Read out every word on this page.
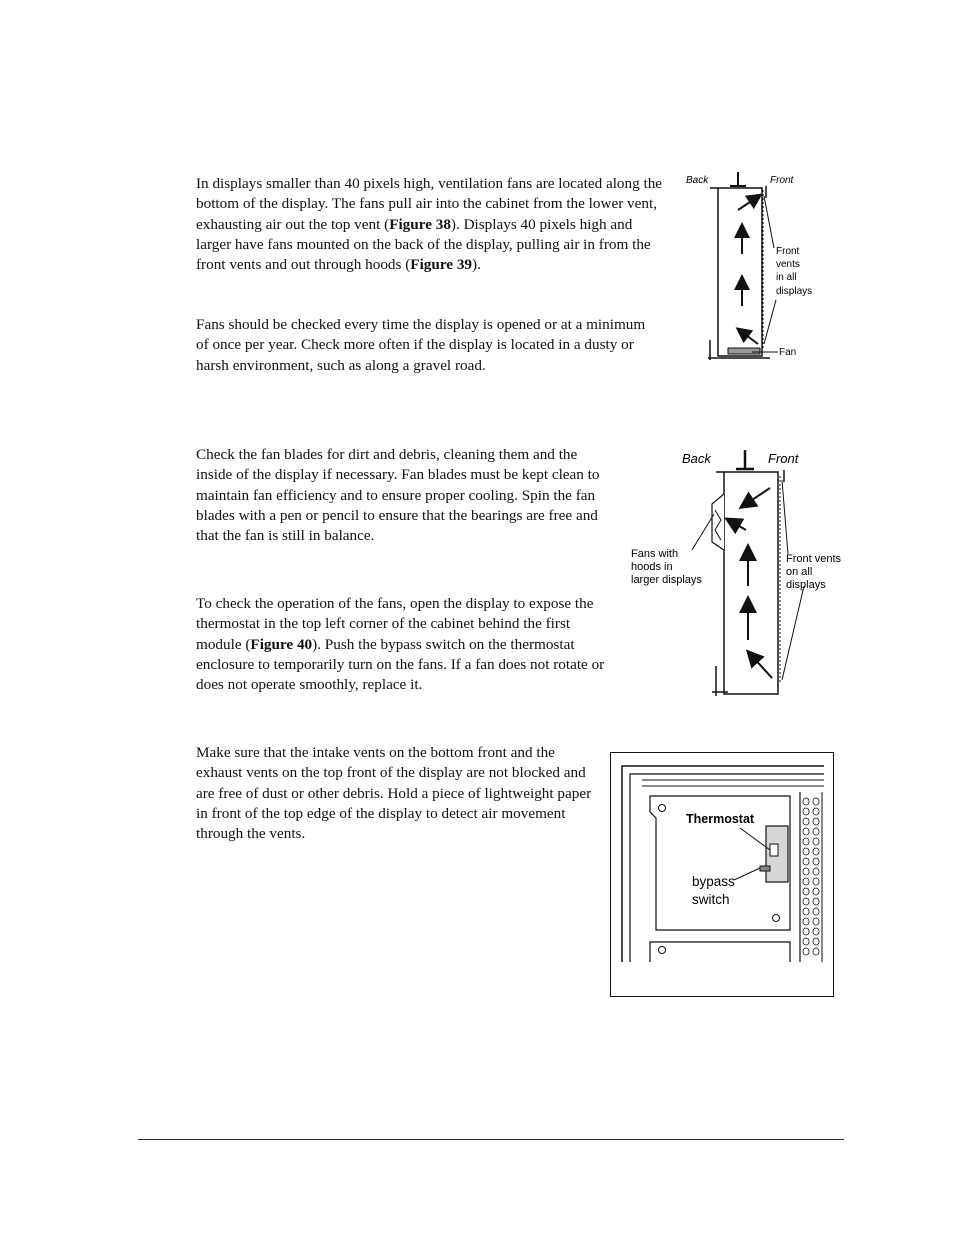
In displays smaller than 40 pixels high, ventilation fans are located along the bottom of the display. The fans pull air into the cabinet from the lower vent, exhausting air out the top vent (Figure 38). Displays 40 pixels high and larger have fans mounted on the back of the display, pulling air in from the front vents and out through hoods (Figure 39).

Fans should be checked every time the display is opened or at a minimum of once per year. Check more often if the display is located in a dusty or harsh environment, such as along a gravel road.

Check the fan blades for dirt and debris, cleaning them and the inside of the display if necessary. Fan blades must be kept clean to maintain fan efficiency and to ensure proper cooling. Spin the fan blades with a pen or pencil to ensure that the bearings are free and that the fan is still in balance.

To check the operation of the fans, open the display to expose the thermostat in the top left corner of the cabinet behind the first module (Figure 40). Push the bypass switch on the thermostat enclosure to temporarily turn on the fans. If a fan does not rotate or does not operate smoothly, replace it.

Make sure that the intake vents on the bottom front and the exhaust vents on the top front of the display are not blocked and are free of dust or other debris. Hold a piece of lightweight paper in front of the top edge of the display to detect air movement through the vents.

Back	Front
Front
vents
in all
displays
Fan
Back	Front
Fans with
hoods in
larger displays
Front vents
on all
displays
Thermostat
bypass
switch
